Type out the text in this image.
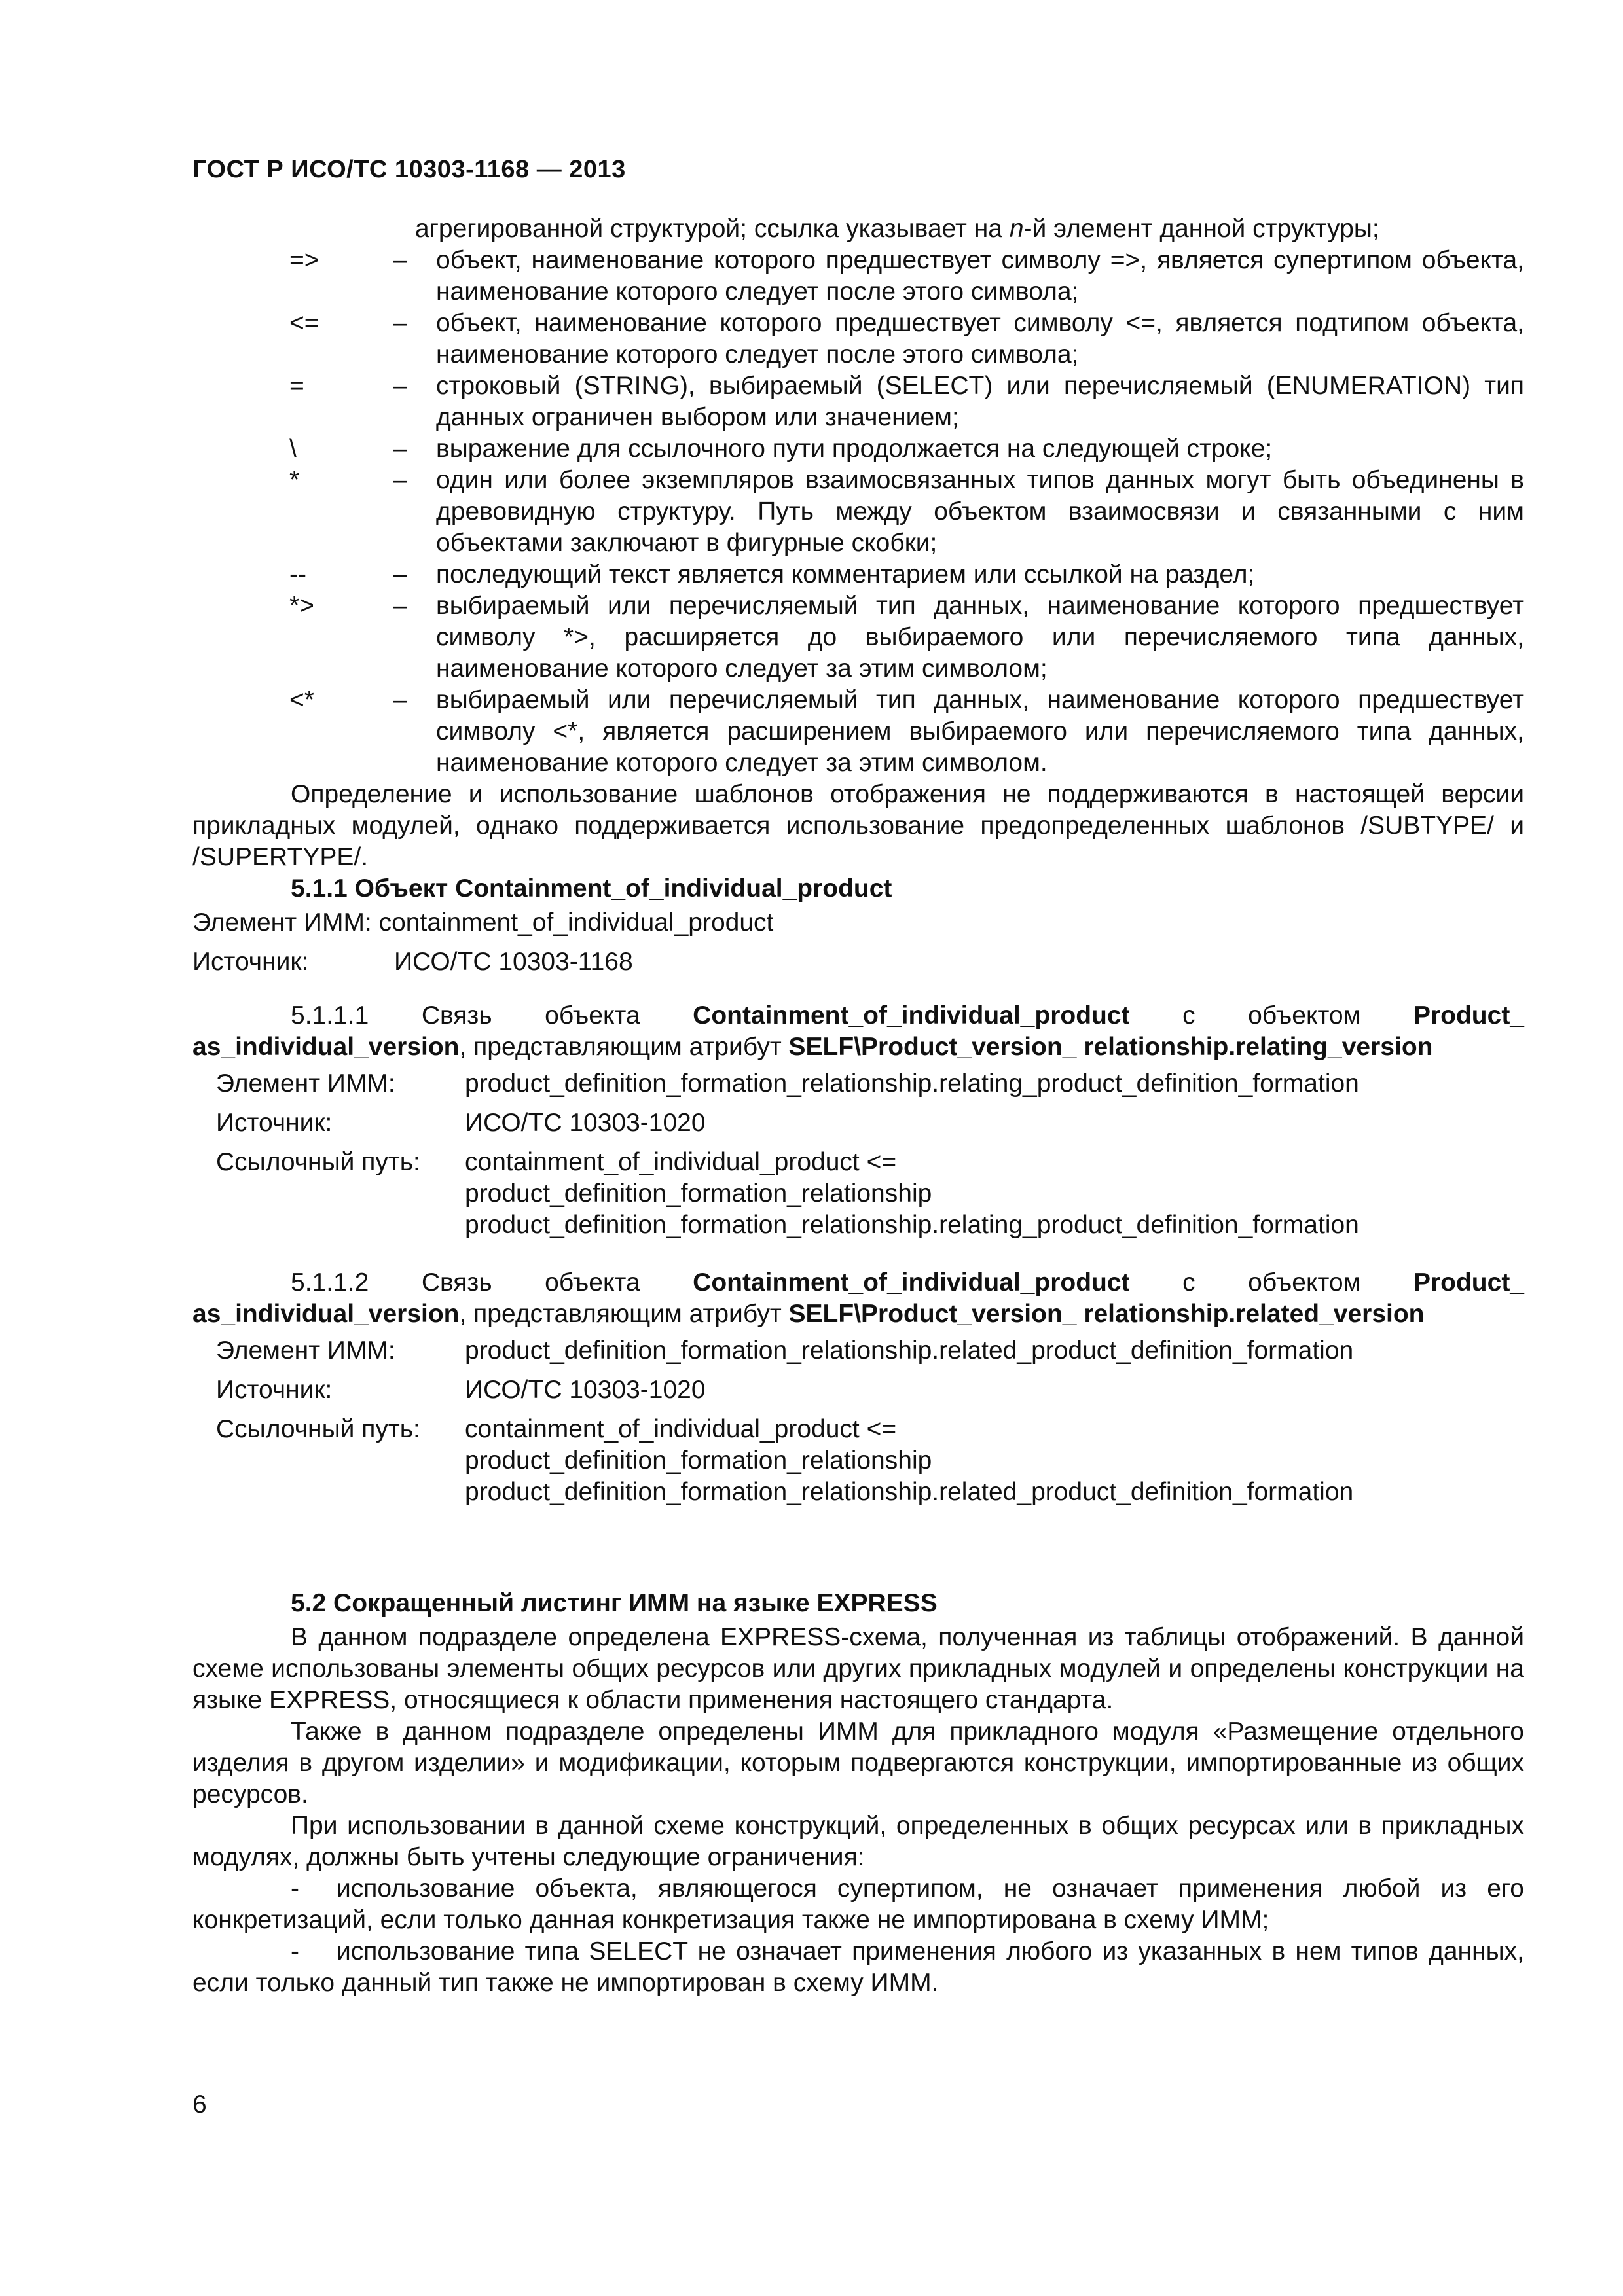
ГОСТ Р ИСО/ТС 10303-1168 — 2013
агрегированной структурой; ссылка указывает на n-й элемент данной структуры;
=>	–	объект, наименование которого предшествует символу =>, является супертипом объекта, наименование которого следует после этого символа;
<=	–	объект, наименование которого предшествует символу <=, является подтипом объекта, наименование которого следует после этого символа;
=	–	строковый (STRING), выбираемый (SELECT) или перечисляемый (ENUMERATION) тип данных ограничен выбором или значением;
\	–	выражение для ссылочного пути продолжается на следующей строке;
*	–	один или более экземпляров взаимосвязанных типов данных могут быть объединены в древовидную структуру. Путь между объектом взаимосвязи и связанными с ним объектами заключают в фигурные скобки;
--	–	последующий текст является комментарием или ссылкой на раздел;
*>	–	выбираемый или перечисляемый тип данных, наименование которого предшествует символу *>, расширяется до выбираемого или перечисляемого типа данных, наименование которого следует за этим символом;
<*	–	выбираемый или перечисляемый тип данных, наименование которого предшествует символу <*, является расширением выбираемого или перечисляемого типа данных, наименование которого следует за этим символом.
Определение и использование шаблонов отображения не поддерживаются в настоящей версии прикладных модулей, однако поддерживается использование предопределенных шаблонов /SUBTYPE/ и /SUPERTYPE/.
5.1.1 Объект Containment_of_individual_product
Элемент ИММ: containment_of_individual_product
Источник:	ИСО/ТС 10303-1168
5.1.1.1 Связь объекта Containment_of_individual_product с объектом Product_ as_individual_version, представляющим атрибут SELF\Product_version_ relationship.relating_version
Элемент ИММ:	product_definition_formation_relationship.relating_product_definition_formation
Источник:	ИСО/ТС 10303-1020
Ссылочный путь:	containment_of_individual_product <=
product_definition_formation_relationship
product_definition_formation_relationship.relating_product_definition_formation
5.1.1.2 Связь объекта Containment_of_individual_product с объектом Product_ as_individual_version, представляющим атрибут SELF\Product_version_ relationship.related_version
Элемент ИММ:	product_definition_formation_relationship.related_product_definition_formation
Источник:	ИСО/ТС 10303-1020
Ссылочный путь:	containment_of_individual_product <=
product_definition_formation_relationship
product_definition_formation_relationship.related_product_definition_formation
5.2 Сокращенный листинг ИММ на языке EXPRESS
В данном подразделе определена EXPRESS-схема, полученная из таблицы отображений. В данной схеме использованы элементы общих ресурсов или других прикладных модулей и определены конструкции на языке EXPRESS, относящиеся к области применения настоящего стандарта.
Также в данном подразделе определены ИММ для прикладного модуля «Размещение отдельного изделия в другом изделии» и модификации, которым подвергаются конструкции, импортированные из общих ресурсов.
При использовании в данной схеме конструкций, определенных в общих ресурсах или в прикладных модулях, должны быть учтены следующие ограничения:
- использование объекта, являющегося супертипом, не означает применения любой из его конкретизаций, если только данная конкретизация также не импортирована в схему ИММ;
- использование типа SELECT не означает применения любого из указанных в нем типов данных, если только данный тип также не импортирован в схему ИММ.
6
